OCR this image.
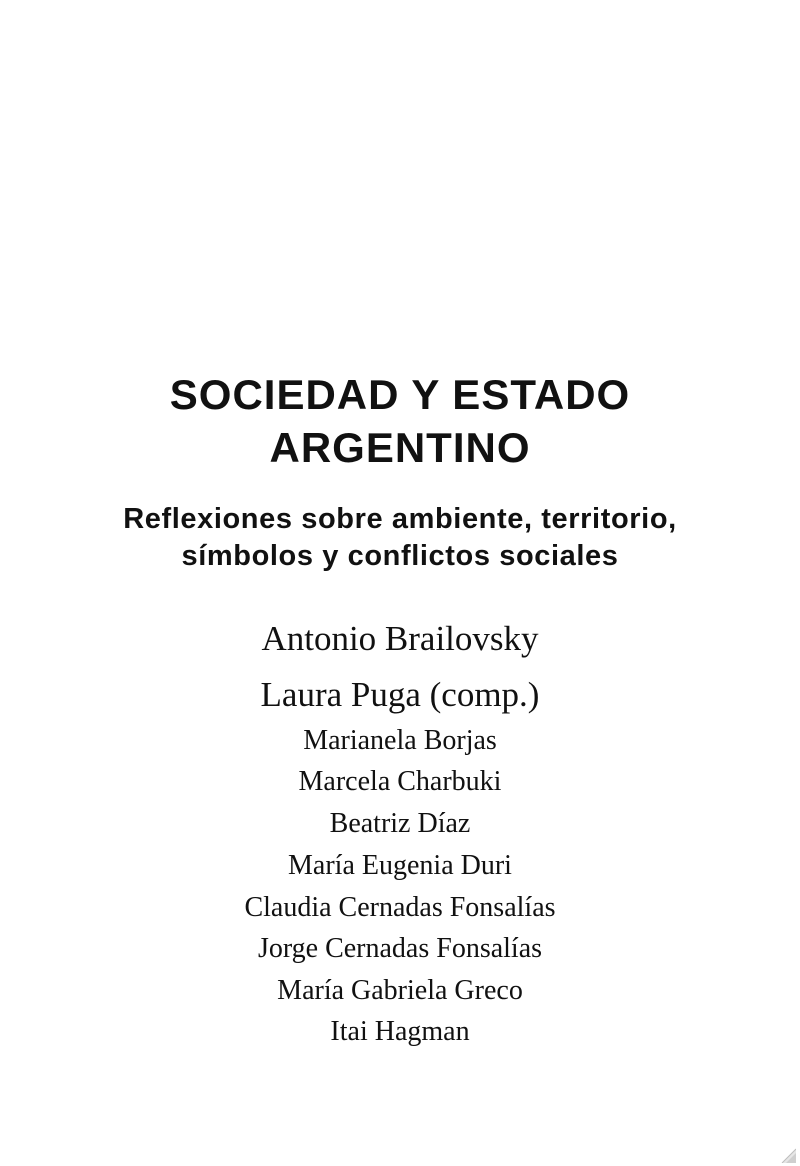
SOCIEDAD Y ESTADO
ARGENTINO
Reflexiones sobre ambiente, territorio,
símbolos y conflictos sociales

Antonio Brailovsky

Laura Puga (comp.)

Marianela Borjas

Marcela Charbuki

Beatriz Díaz

María Eugenia Duri

Claudia Cernadas Fonsalías

Jorge Cernadas Fonsalías

María Gabriela Greco

Itai Hagman
